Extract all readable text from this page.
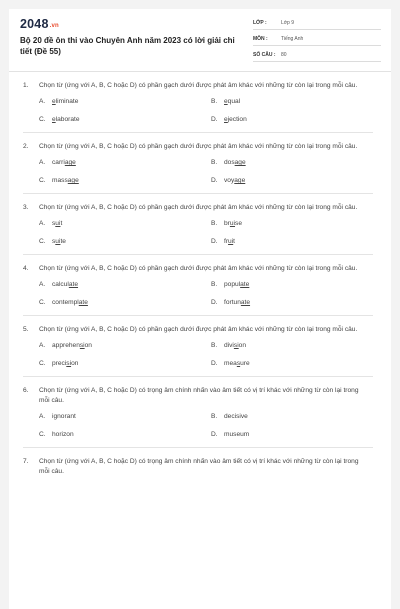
2048.vn
Bộ 20 đề ôn thi vào Chuyên Anh năm 2023 có lời giải chi tiết (Đề 55)
LỚP :	Lớp 9
MÔN :	Tiếng Anh
SỐ CÂU :	80
1.	Chọn từ (ứng với A, B, C hoặc D) có phần gạch dưới được phát âm khác với những từ còn lại trong mỗi câu.
A.	eliminate	B.	equal
C. elaborate	D. ejection
2.	Chọn từ (ứng với A, B, C hoặc D) có phần gạch dưới được phát âm khác với những từ còn lại trong mỗi câu.
A.	carriage	B.	dosage
C. massage	D. voyage
3.	Chọn từ (ứng với A, B, C hoặc D) có phần gạch dưới được phát âm khác với những từ còn lại trong mỗi câu.
A.	suit	B.	bruise
C. suite	D. fruit
4.	Chọn từ (ứng với A, B, C hoặc D) có phần gạch dưới được phát âm khác với những từ còn lại trong mỗi câu.
A.	calculate	B.	populate
C. contemplate	D. fortunate
5.	Chọn từ (ứng với A, B, C hoặc D) có phần gạch dưới được phát âm khác với những từ còn lại trong mỗi câu.
A.	apprehension	B.	division
C. precision	D. measure
6.	Chọn từ (ứng với A, B, C hoặc D) có trọng âm chính nhấn vào âm tiết có vị trí khác với những từ còn lại trong mỗi câu.
A.	ignorant	B.	decisive
C. horizon	D. museum
7.	Chọn từ (ứng với A, B, C hoặc D) có trọng âm chính nhấn vào âm tiết có vị trí khác với những từ còn lại trong mỗi câu.
